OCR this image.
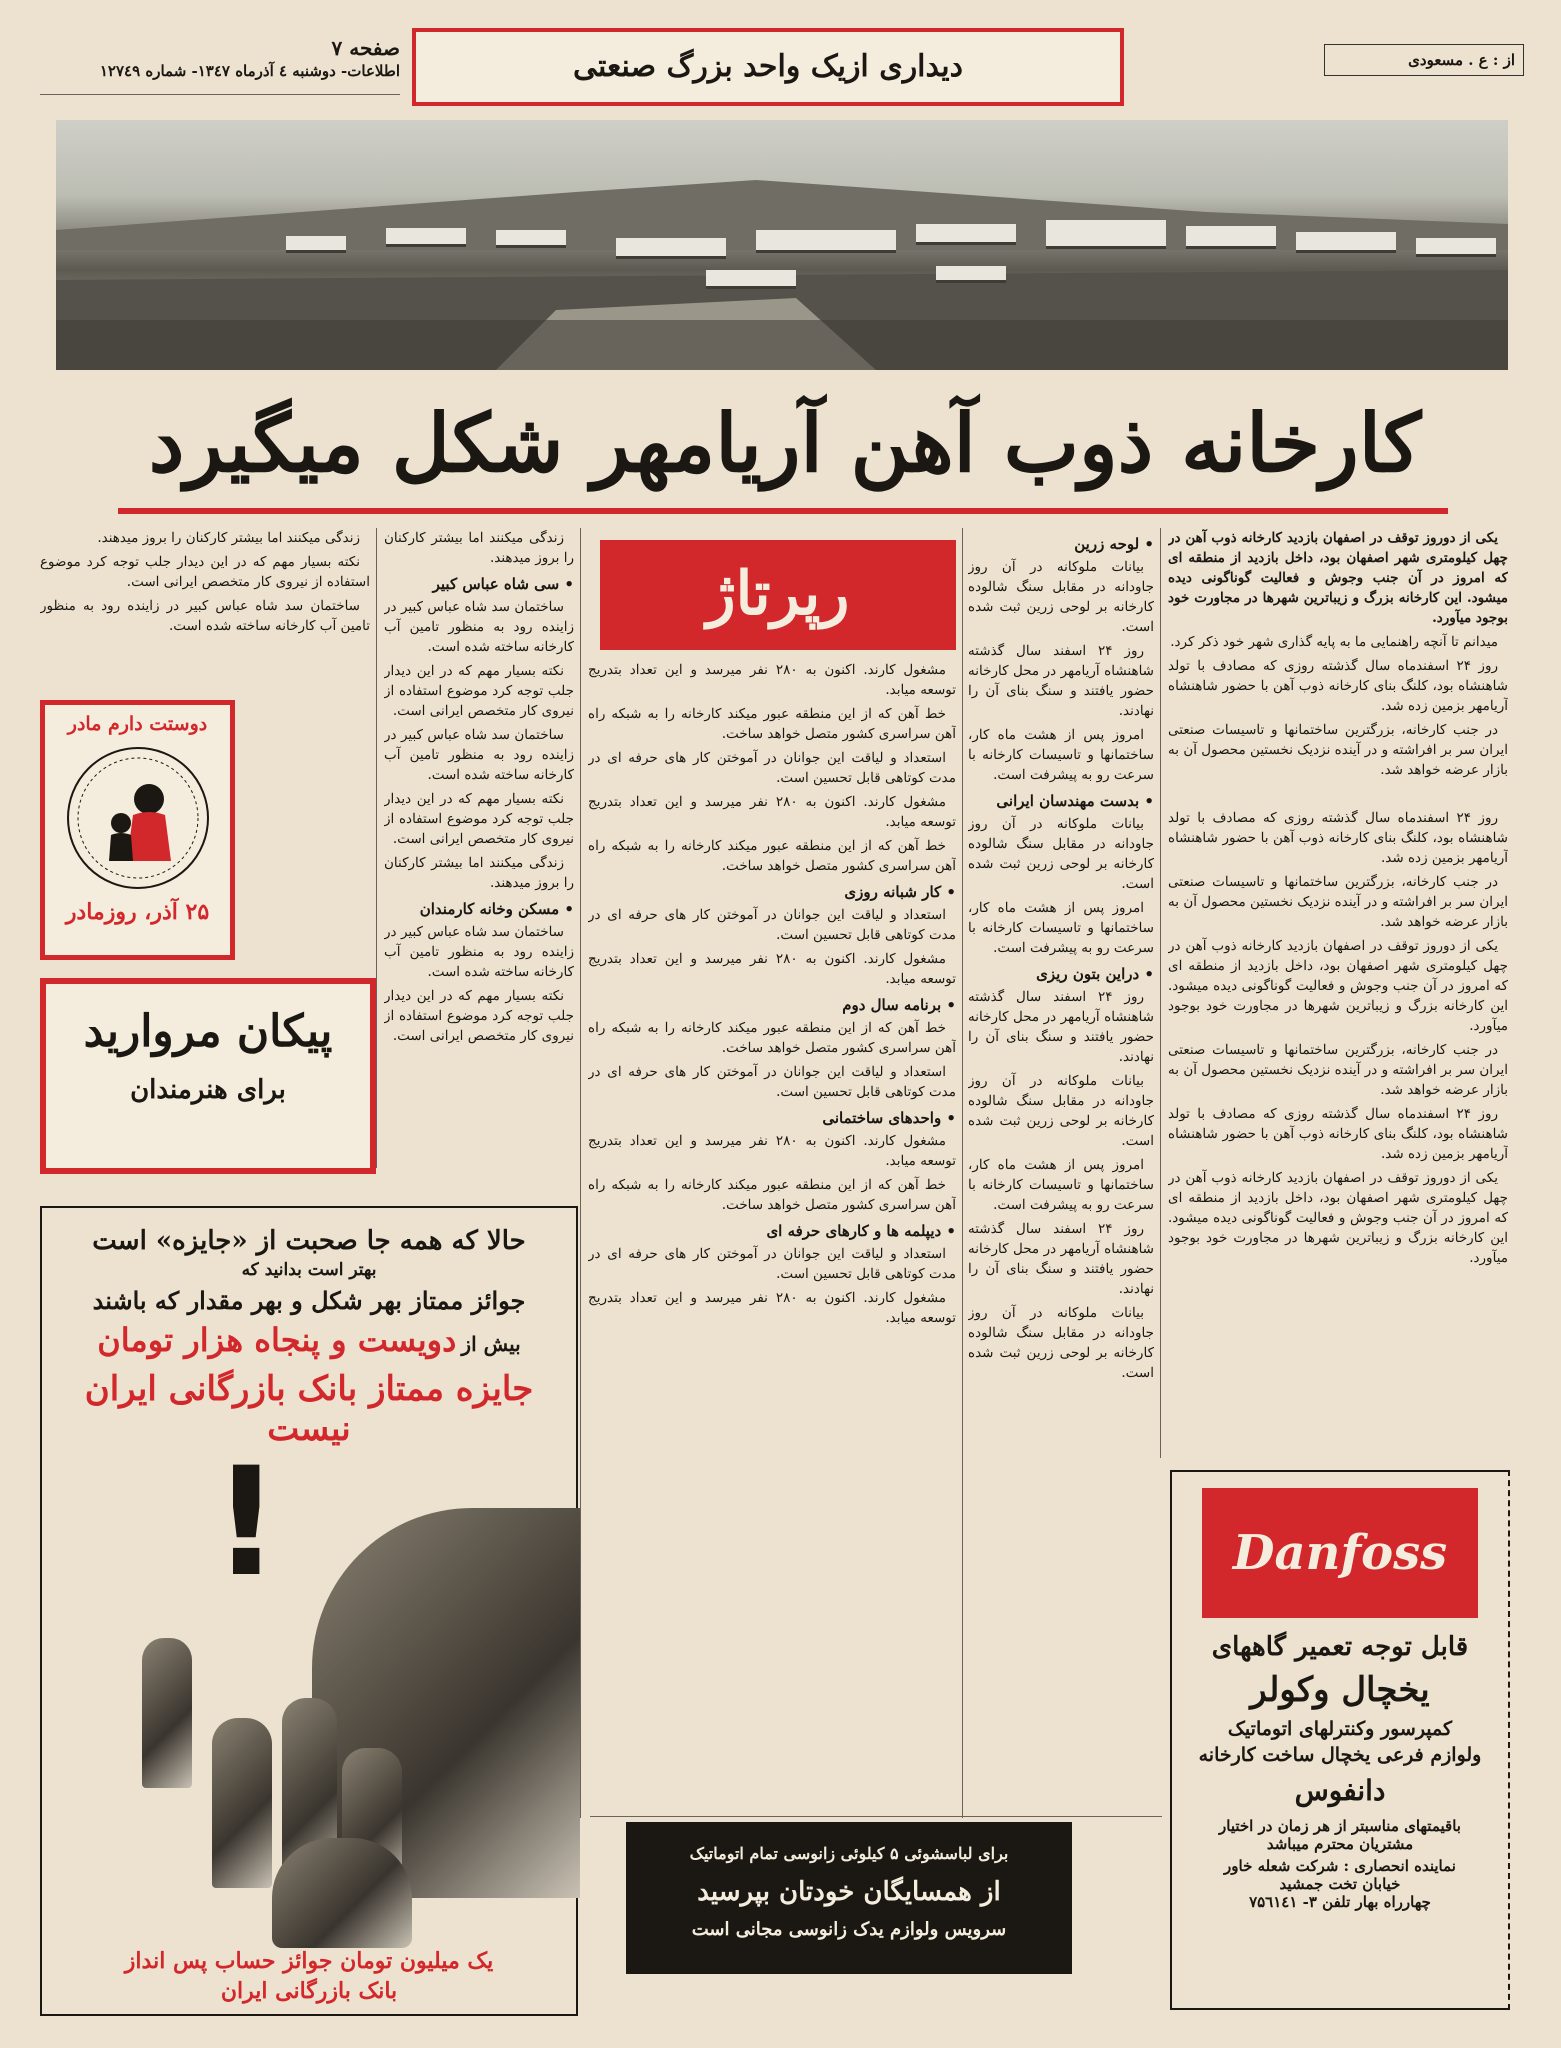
صفحه ۷
اطلاعات- دوشنبه ٤ آذرماه ۱۳٤۷- شماره ۱۲۷٤۹	دیداری ازیک واحد بزرگ صنعتی	از : ع . مسعودی
کارخانه ذوب آهن آریامهر شکل میگیرد

یکی از دوروز توقف در اصفهان بازدید کارخانه ذوب آهن در چهل کیلومتری شهر اصفهان بود، داخل بازدید از منطقه ای که امروز در آن جنب وجوش و فعالیت گوناگونی دیده میشود. این کارخانه بزرگ و زیباترین شهرها در مجاورت خود بوجود میآورد.

میدانم تا آنچه راهنمایی ما به پایه گذاری شهر خود ذکر کرد.

روز ۲۴ اسفندماه سال گذشته روزی که مصادف با تولد شاهنشاه بود، کلنگ بنای کارخانه ذوب آهن با حضور شاهنشاه آریامهر بزمین زده شد.

در جنب کارخانه، بزرگترین ساختمانها و تاسیسات صنعتی ایران سر بر افراشته و در آینده نزدیک نخستین محصول آن به بازار عرضه خواهد شد.

روز ۲۴ اسفندماه سال گذشته روزی که مصادف با تولد شاهنشاه بود، کلنگ بنای کارخانه ذوب آهن با حضور شاهنشاه آریامهر بزمین زده شد.

در جنب کارخانه، بزرگترین ساختمانها و تاسیسات صنعتی ایران سر بر افراشته و در آینده نزدیک نخستین محصول آن به بازار عرضه خواهد شد.

یکی از دوروز توقف در اصفهان بازدید کارخانه ذوب آهن در چهل کیلومتری شهر اصفهان بود، داخل بازدید از منطقه ای که امروز در آن جنب وجوش و فعالیت گوناگونی دیده میشود. این کارخانه بزرگ و زیباترین شهرها در مجاورت خود بوجود میآورد.

در جنب کارخانه، بزرگترین ساختمانها و تاسیسات صنعتی ایران سر بر افراشته و در آینده نزدیک نخستین محصول آن به بازار عرضه خواهد شد.

روز ۲۴ اسفندماه سال گذشته روزی که مصادف با تولد شاهنشاه بود، کلنگ بنای کارخانه ذوب آهن با حضور شاهنشاه آریامهر بزمین زده شد.

یکی از دوروز توقف در اصفهان بازدید کارخانه ذوب آهن در چهل کیلومتری شهر اصفهان بود، داخل بازدید از منطقه ای که امروز در آن جنب وجوش و فعالیت گوناگونی دیده میشود. این کارخانه بزرگ و زیباترین شهرها در مجاورت خود بوجود میآورد.

• لوحه زرین

بیانات ملوکانه در آن روز جاودانه در مقابل سنگ شالوده کارخانه بر لوحی زرین ثبت شده است.

روز ۲۴ اسفند سال گذشته شاهنشاه آریامهر در محل کارخانه حضور یافتند و سنگ بنای آن را نهادند.

امروز پس از هشت ماه کار، ساختمانها و تاسیسات کارخانه با سرعت رو به پیشرفت است.

• بدست مهندسان ایرانی

بیانات ملوکانه در آن روز جاودانه در مقابل سنگ شالوده کارخانه بر لوحی زرین ثبت شده است.

امروز پس از هشت ماه کار، ساختمانها و تاسیسات کارخانه با سرعت رو به پیشرفت است.

• دراین بتون ریزی

روز ۲۴ اسفند سال گذشته شاهنشاه آریامهر در محل کارخانه حضور یافتند و سنگ بنای آن را نهادند.

بیانات ملوکانه در آن روز جاودانه در مقابل سنگ شالوده کارخانه بر لوحی زرین ثبت شده است.

امروز پس از هشت ماه کار، ساختمانها و تاسیسات کارخانه با سرعت رو به پیشرفت است.

روز ۲۴ اسفند سال گذشته شاهنشاه آریامهر در محل کارخانه حضور یافتند و سنگ بنای آن را نهادند.

بیانات ملوکانه در آن روز جاودانه در مقابل سنگ شالوده کارخانه بر لوحی زرین ثبت شده است.

رپرتاژ

مشغول کارند. اکنون به ۲۸۰ نفر میرسد و این تعداد بتدریج توسعه میابد.

خط آهن که از این منطقه عبور میکند کارخانه را به شبکه راه آهن سراسری کشور متصل خواهد ساخت.

استعداد و لیاقت این جوانان در آموختن کار های حرفه ای در مدت کوتاهی قابل تحسین است.

مشغول کارند. اکنون به ۲۸۰ نفر میرسد و این تعداد بتدریج توسعه میابد.

خط آهن که از این منطقه عبور میکند کارخانه را به شبکه راه آهن سراسری کشور متصل خواهد ساخت.

• کار شبانه روزی

استعداد و لیاقت این جوانان در آموختن کار های حرفه ای در مدت کوتاهی قابل تحسین است.

مشغول کارند. اکنون به ۲۸۰ نفر میرسد و این تعداد بتدریج توسعه میابد.

• برنامه سال دوم

خط آهن که از این منطقه عبور میکند کارخانه را به شبکه راه آهن سراسری کشور متصل خواهد ساخت.

استعداد و لیاقت این جوانان در آموختن کار های حرفه ای در مدت کوتاهی قابل تحسین است.

• واحدهای ساختمانی

مشغول کارند. اکنون به ۲۸۰ نفر میرسد و این تعداد بتدریج توسعه میابد.

خط آهن که از این منطقه عبور میکند کارخانه را به شبکه راه آهن سراسری کشور متصل خواهد ساخت.

• دیپلمه ها و کارهای حرفه ای

استعداد و لیاقت این جوانان در آموختن کار های حرفه ای در مدت کوتاهی قابل تحسین است.

مشغول کارند. اکنون به ۲۸۰ نفر میرسد و این تعداد بتدریج توسعه میابد.

زندگی میکنند اما بیشتر کارکنان را بروز میدهند.

• سی شاه عباس کبیر

ساختمان سد شاه عباس کبیر در زاینده رود به منظور تامین آب کارخانه ساخته شده است.

نکته بسیار مهم که در این دیدار جلب توجه کرد موضوع استفاده از نیروی کار متخصص ایرانی است.

ساختمان سد شاه عباس کبیر در زاینده رود به منظور تامین آب کارخانه ساخته شده است.

نکته بسیار مهم که در این دیدار جلب توجه کرد موضوع استفاده از نیروی کار متخصص ایرانی است.

زندگی میکنند اما بیشتر کارکنان را بروز میدهند.

• مسکن وخانه کارمندان

ساختمان سد شاه عباس کبیر در زاینده رود به منظور تامین آب کارخانه ساخته شده است.

نکته بسیار مهم که در این دیدار جلب توجه کرد موضوع استفاده از نیروی کار متخصص ایرانی است.

زندگی میکنند اما بیشتر کارکنان را بروز میدهند.

نکته بسیار مهم که در این دیدار جلب توجه کرد موضوع استفاده از نیروی کار متخصص ایرانی است.

ساختمان سد شاه عباس کبیر در زاینده رود به منظور تامین آب کارخانه ساخته شده است.

دوستت دارم مادر
۲۵ آذر، روزمادر
پیکان مروارید
برای هنرمندان
حالا که همه جا صحبت از «جایزه» است
بهتر است بدانید که
جوائز ممتاز بهر شکل و بهر مقدار که باشند
بیش از دویست و پنجاه هزار تومان
جایزه ممتاز بانک بازرگانی ایران نیست
!
یک میلیون تومان جوائز حساب پس انداز
بانک بازرگانی ایران
برای لباسشوئی ۵ کیلوئی زانوسی تمام اتوماتیک
از همسایگان خودتان بپرسید
سرویس ولوازم یدک زانوسی مجانی است
Danfoss
قابل توجه تعمیر گاههای
یخچال وکولر
کمپرسور وکنترلهای اتوماتیک
ولوازم فرعی یخچال ساخت کارخانه
دانفوس
باقیمتهای مناسبتر از هر زمان در اختیار
مشتریان محترم میباشد
نماینده انحصاری : شرکت شعله خاور
خیابان تخت جمشید
چهارراه بهار تلفن ۳- ۷۵٦۱٤۱
